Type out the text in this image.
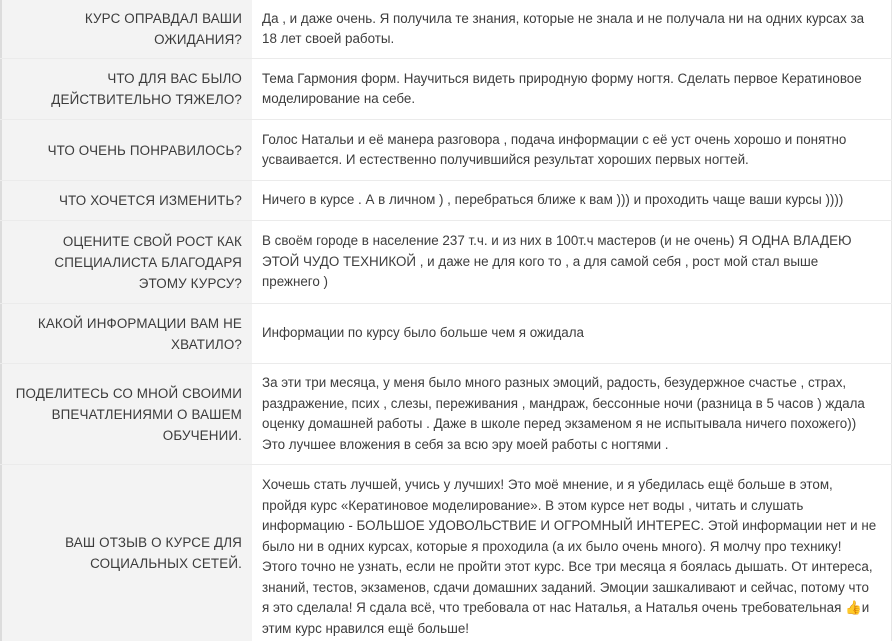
КУРС ОПРАВДАЛ ВАШИ ОЖИДАНИЯ?
Да , и даже очень. Я получила те знания, которые не знала и не получала ни на одних курсах за 18 лет своей работы.
ЧТО ДЛЯ ВАС БЫЛО ДЕЙСТВИТЕЛЬНО ТЯЖЕЛО?
Тема Гармония форм. Научиться видеть природную форму ногтя. Сделать первое Кератиновое моделирование на себе.
ЧТО ОЧЕНЬ ПОНРАВИЛОСЬ?
Голос Натальи и её манера разговора , подача информации с её уст очень хорошо и понятно усваивается. И естественно получившийся результат хороших первых ногтей.
ЧТО ХОЧЕТСЯ ИЗМЕНИТЬ? Ничего в курсе . А в личном ) , перебраться ближе к вам ))) и проходить чаще ваши курсы ))))
ОЦЕНИТЕ СВОЙ РОСТ КАК СПЕЦИАЛИСТА БЛАГОДАРЯ ЭТОМУ КУРСУ?
В своём городе в население 237 т.ч. и из них в 100т.ч мастеров (и не очень) Я ОДНА ВЛАДЕЮ ЭТОЙ ЧУДО ТЕХНИКОЙ , и даже не для кого то , а для самой себя , рост мой стал выше прежнего )
КАКОЙ ИНФОРМАЦИИ ВАМ НЕ ХВАТИЛО?
Информации по курсу было больше чем я ожидала
ПОДЕЛИТЕСЬ СО МНОЙ СВОИМИ ВПЕЧАТЛЕНИЯМИ О ВАШЕМ ОБУЧЕНИИ.
За эти три месяца, у меня было много разных эмоций, радость, безудержное счастье , страх, раздражение, псих , слезы, переживания , мандраж, бессонные ночи (разница в 5 часов ) ждала оценку домашней работы . Даже в школе перед экзаменом я не испытывала ничего похожего)) Это лучшее вложения в себя за всю эру моей работы с ногтями .
ВАШ ОТЗЫВ О КУРСЕ ДЛЯ СОЦИАЛЬНЫХ СЕТЕЙ.
Хочешь стать лучшей, учись у лучших! Это моё мнение, и я убедилась ещё больше в этом, пройдя курс «Кератиновое моделирование». В этом курсе нет воды , читать и слушать информацию - БОЛЬШОЕ УДОВОЛЬСТВИЕ И ОГРОМНЫЙ ИНТЕРЕС. Этой информации нет и не было ни в одних курсах, которые я проходила (а их было очень много). Я молчу про технику! Этого точно не узнать, если не пройти этот курс. Все три месяца я боялась дышать. От интереса, знаний, тестов, экзаменов, сдачи домашних заданий. Эмоции зашкаливают и сейчас, потому что я это сделала! Я сдала всё, что требовала от нас Наталья, а Наталья очень требовательная 👍и этим курс нравился ещё больше!
